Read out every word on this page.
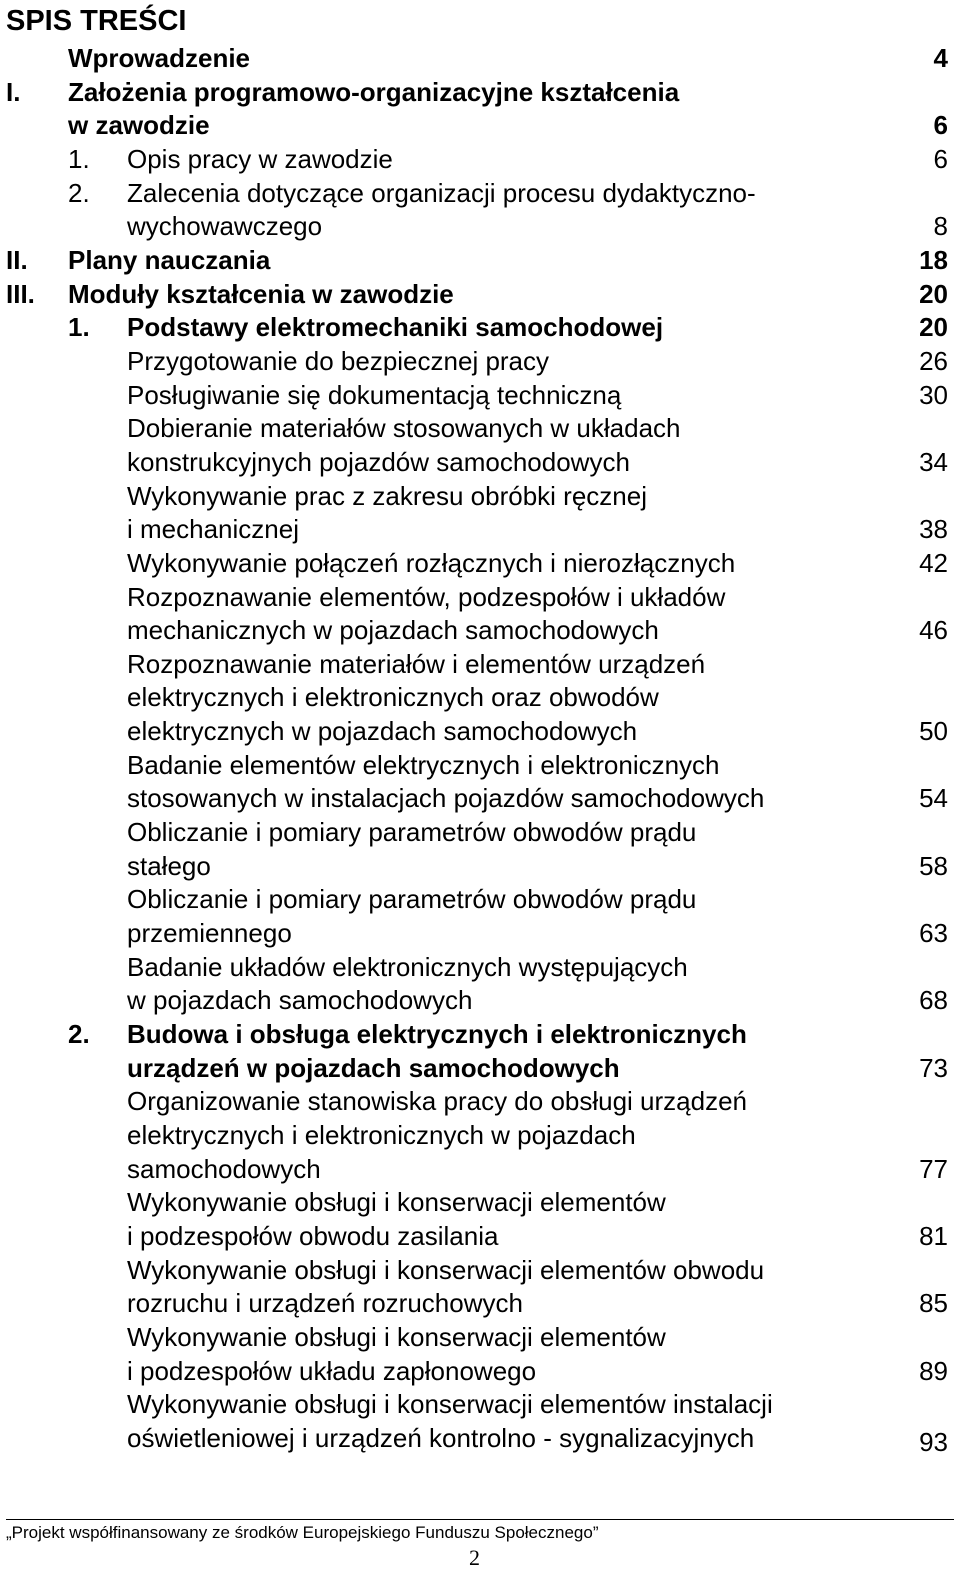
SPIS TREŚCI
Wprowadzenie	4
I. Założenia programowo-organizacyjne kształcenia
w zawodzie	6
1. Opis pracy w zawodzie	6
2. Zalecenia dotyczące organizacji procesu dydaktyczno-
wychowawczego	8
II. Plany nauczania	18
III. Moduły kształcenia w zawodzie	20
1. Podstawy elektromechaniki samochodowej	20
Przygotowanie do bezpiecznej pracy	26
Posługiwanie się dokumentacją techniczną	30
Dobieranie materiałów stosowanych w układach
konstrukcyjnych pojazdów samochodowych	34
Wykonywanie prac z zakresu obróbki ręcznej
i mechanicznej	38
Wykonywanie połączeń rozłącznych i nierozłącznych	42
Rozpoznawanie elementów, podzespołów i układów
mechanicznych w pojazdach samochodowych	46
Rozpoznawanie materiałów i elementów urządzeń
elektrycznych i elektronicznych oraz obwodów
elektrycznych w pojazdach samochodowych	50
Badanie elementów elektrycznych i elektronicznych
stosowanych w instalacjach pojazdów samochodowych	54
Obliczanie i pomiary parametrów obwodów prądu
stałego	58
Obliczanie i pomiary parametrów obwodów prądu
przemiennego	63
Badanie układów elektronicznych występujących
w pojazdach samochodowych	68
2. Budowa i obsługa elektrycznych i elektronicznych
urządzeń w pojazdach samochodowych	73
Organizowanie stanowiska pracy do obsługi urządzeń
elektrycznych i elektronicznych w pojazdach
samochodowych	77
Wykonywanie obsługi i konserwacji elementów
i podzespołów obwodu zasilania	81
Wykonywanie obsługi i konserwacji elementów obwodu
rozruchu i urządzeń rozruchowych	85
Wykonywanie obsługi i konserwacji elementów
i podzespołów układu zapłonowego	89
Wykonywanie obsługi i konserwacji elementów instalacji
oświetleniowej i urządzeń kontrolno - sygnalizacyjnych	93
„Projekt współfinansowany ze środków Europejskiego Funduszu Społecznego”
2
